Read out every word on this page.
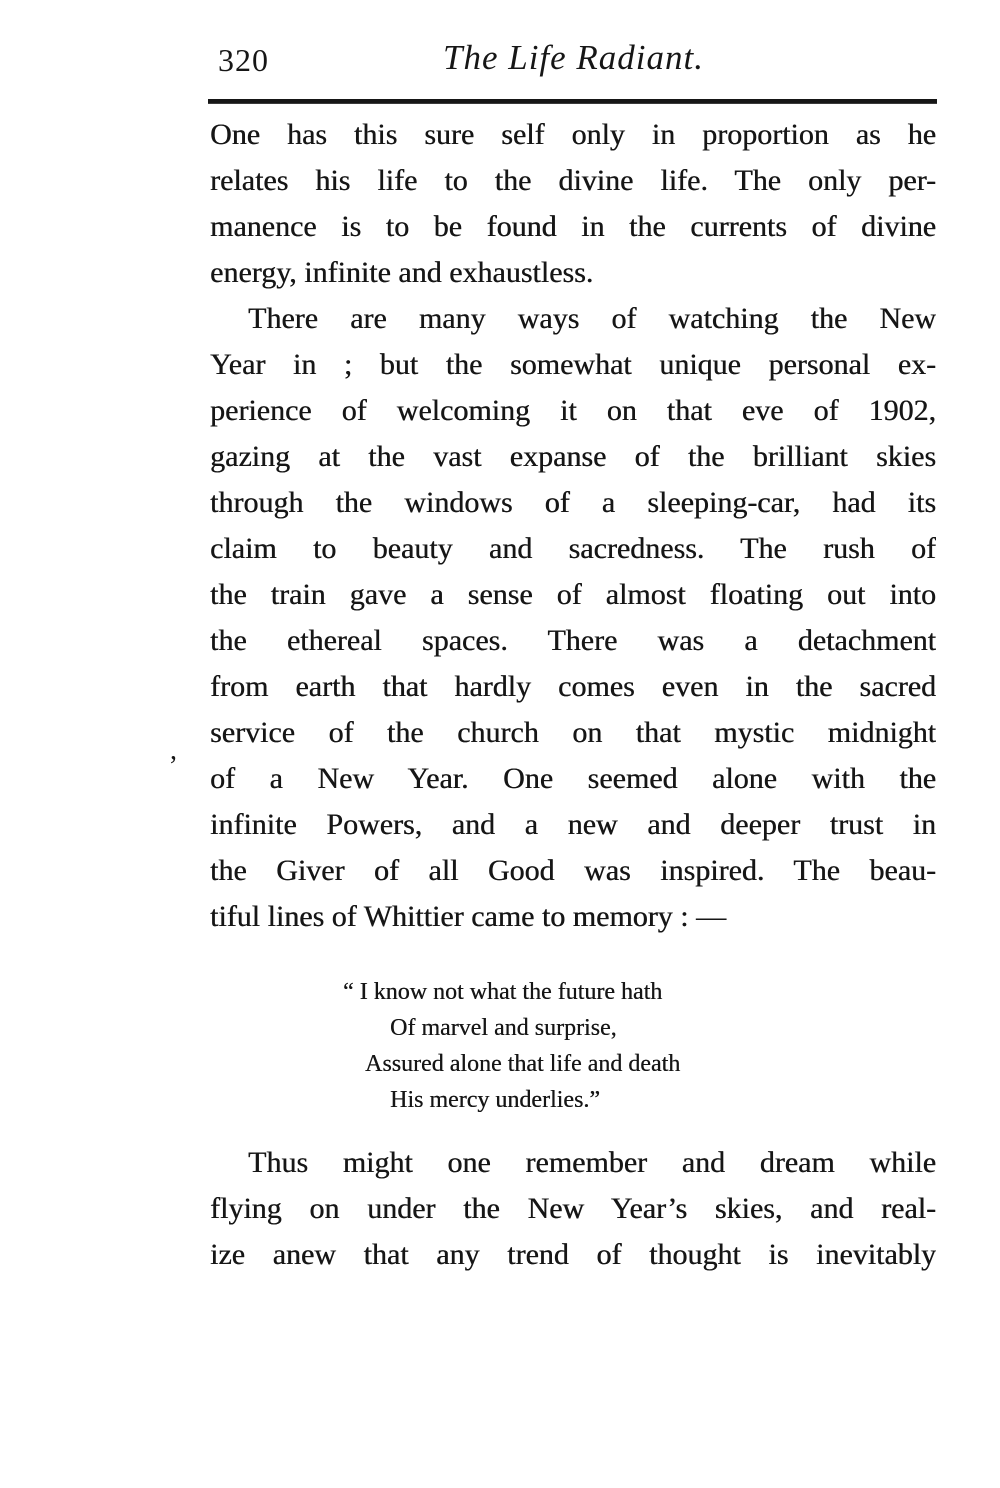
320	The Life Radiant.
,
One has this sure self only in proportion as he
relates his life to the divine life. The only per-
manence is to be found in the currents of divine
energy, infinite and exhaustless.
There are many ways of watching the New
Year in ; but the somewhat unique personal ex-
perience of welcoming it on that eve of 1902,
gazing at the vast expanse of the brilliant skies
through the windows of a sleeping-car, had its
claim to beauty and sacredness. The rush of
the train gave a sense of almost floating out into
the ethereal spaces. There was a detachment
from earth that hardly comes even in the sacred
service of the church on that mystic midnight
of a New Year. One seemed alone with the
infinite Powers, and a new and deeper trust in
the Giver of all Good was inspired. The beau-
tiful lines of Whittier came to memory : —
“ I know not what the future hath
Of marvel and surprise,
Assured alone that life and death
His mercy underlies.”
Thus might one remember and dream while
flying on under the New Year’s skies, and real-
ize anew that any trend of thought is inevitably
